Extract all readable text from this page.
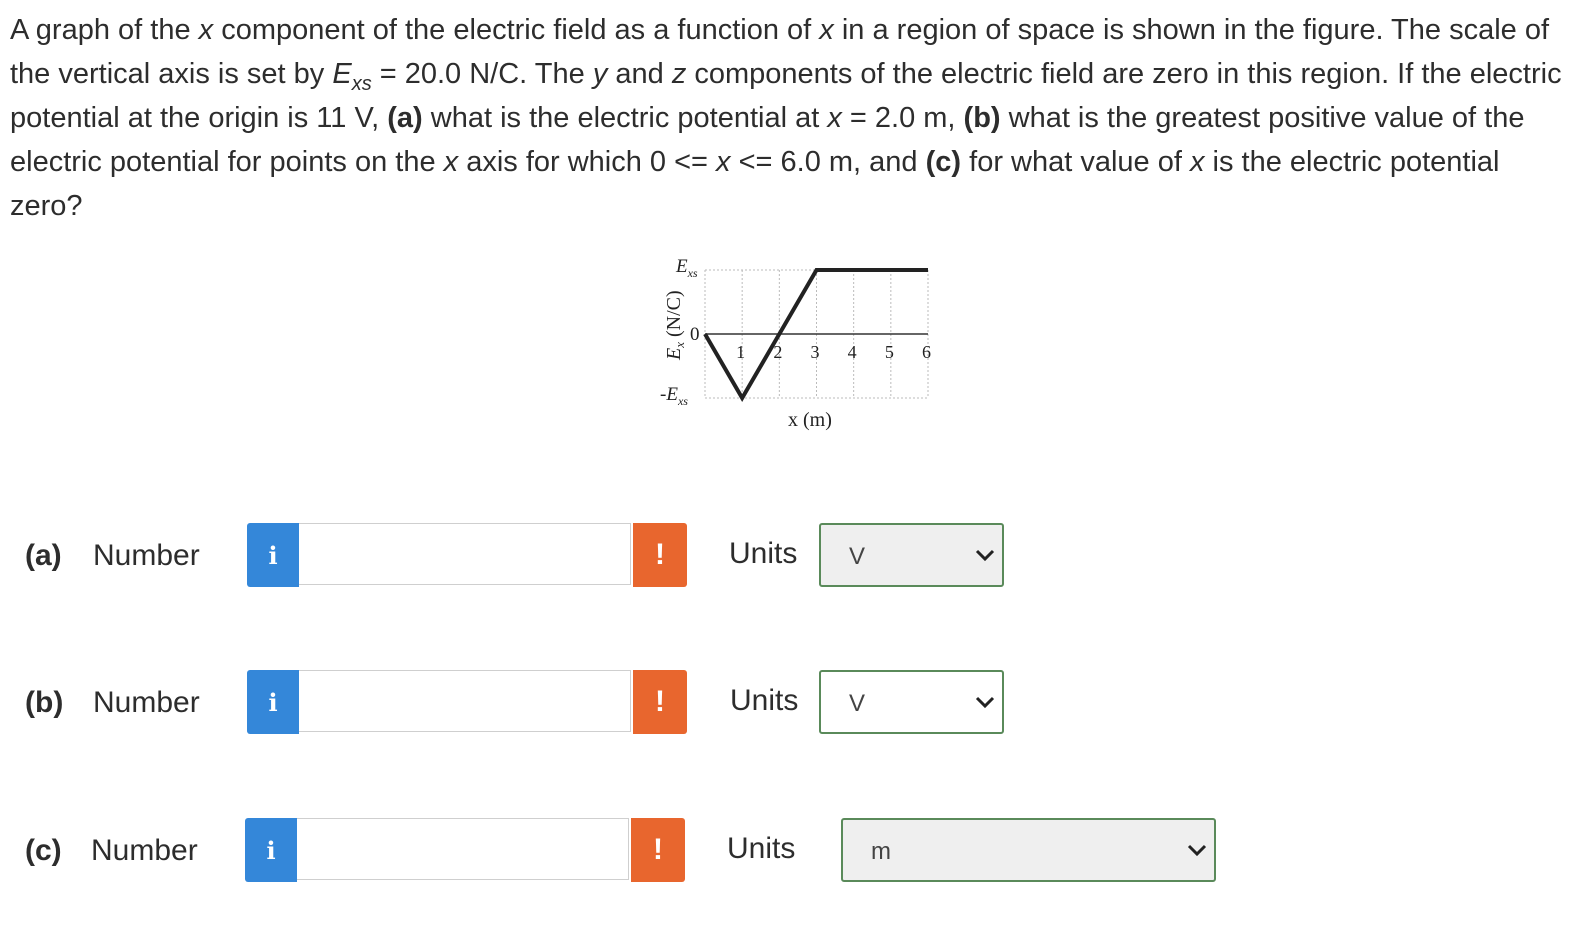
A graph of the x component of the electric field as a function of x in a region of space is shown in the figure. The scale of the vertical axis is set by $E_{xs} = 20.0$ N/C. The y and z components of the electric field are zero in this region. If the electric potential at the origin is 11 V, (a) what is the electric potential at x = 2.0 m, (b) what is the greatest positive value of the electric potential for points on the x axis for which 0 <= x <= 6.0 m, and (c) for what value of x is the electric potential zero?
$E_x$ (N/C)
$E_{xs}$
0
$-E_{xs}$
1 2 3 4 5 6
x (m)
(a) Number	i	!	Units V
(b) Number	i	!	Units V
(c) Number	i	!	Units	m
